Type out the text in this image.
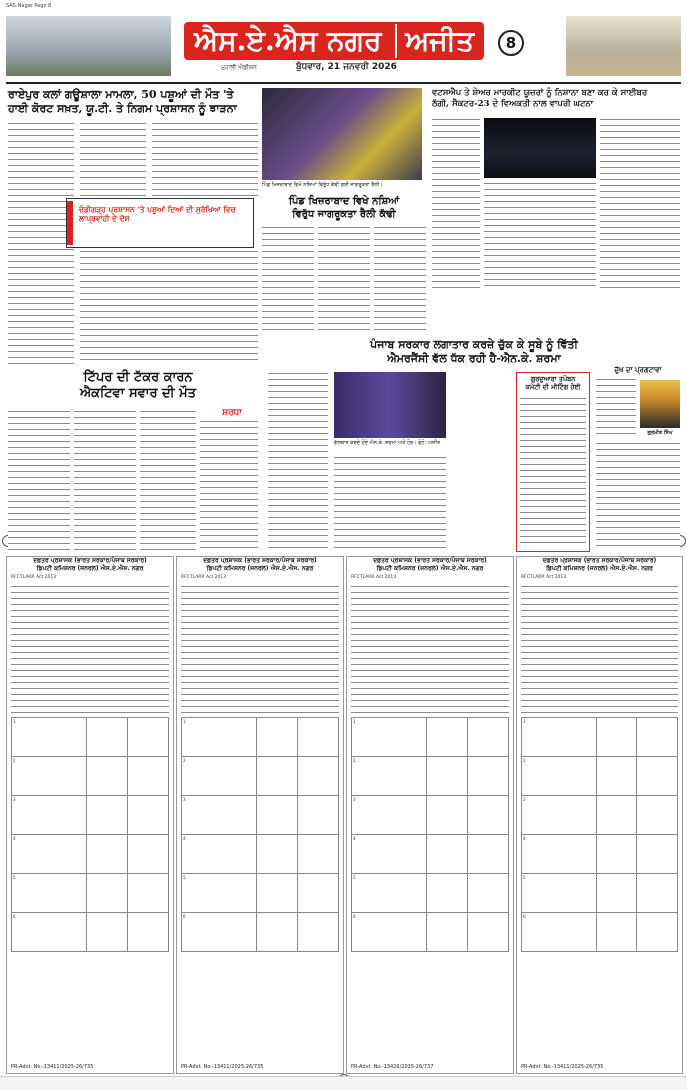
SAS-Nagar Page 8
ਐਸ.ਏ.ਐਸ ਨਗਰ ਅਜੀਤ	8
ਮੁਹਾਲੀ ਐਡੀਸ਼ਨ	ਬੁੱਧਵਾਰ, 21 ਜਨਵਰੀ 2026
ਰਾਏਪੁਰ ਕਲਾਂ ਗਊਸ਼ਾਲਾ ਮਾਮਲਾ, 50 ਪਸ਼ੂਆਂ ਦੀ ਮੌਤ 'ਤੇ
ਹਾਈ ਕੋਰਟ ਸਖ਼ਤ, ਯੂ.ਟੀ. ਤੇ ਨਿਗਮ ਪ੍ਰਸ਼ਾਸਨ ਨੂੰ ਝਾੜਨਾ
ਚੰਡੀਗੜ੍ਹ ਪ੍ਰਸ਼ਾਸਨ 'ਤੇ ਪਸ਼ੂਆਂ ਦਿਆਂ ਦੀ ਸੁਰੱਖਿਆ ਵਿਚ ਲਾਪ੍ਰਵਾਹੀ ਦੇ ਦੋਸ਼
ਪਿੰਡ ਖਿਜ਼ਰਾਬਾਦ ਵਿਖੇ ਨਸ਼ਿਆਂ ਵਿਰੁੱਧ ਕੱਢੀ ਗਈ ਜਾਗਰੂਕਤਾ ਰੈਲੀ।
ਪਿੰਡ ਖਿਜ਼ਰਾਬਾਦ ਵਿਖੇ ਨਸ਼ਿਆਂ
ਵਿਰੁੱਧ ਜਾਗਰੂਕਤਾ ਰੈਲੀ ਕੱਢੀ
ਵਟਸਐਪ ਤੇ ਸ਼ੇਅਰ ਮਾਰਕੀਟ ਯੂਜ਼ਰਾਂ ਨੂੰ ਨਿਸ਼ਾਨਾ ਬਣਾ ਕਰ ਕੇ ਸਾਈਬਰ
ਠੱਗੀ, ਸੈਕਟਰ-23 ਦੇ ਵਿਅਕਤੀ ਨਾਲ ਵਾਪਰੀ ਘਟਨਾ
ਟਿੱਪਰ ਦੀ ਟੱਕਰ ਕਾਰਨ
ਐਕਟਿਵਾ ਸਵਾਰ ਦੀ ਮੌਤ
ਸ਼ਰਧਾ
ਪੰਜਾਬ ਸਰਕਾਰ ਲਗਾਤਾਰ ਕਰਜ਼ੇ ਚੁੱਕ ਕੇ ਸੂਬੇ ਨੂੰ ਵਿੱਤੀ
ਐਮਰਜੈਂਸੀ ਵੱਲ ਧੱਕ ਰਹੀ ਹੈ-ਐਨ.ਕੇ. ਸ਼ਰਮਾ
ਗੱਲਬਾਤ ਕਰਦੇ ਹੋਏ ਐਨ.ਕੇ. ਸ਼ਰਮਾ ਅਤੇ ਹੋਰ। ਫੋਟੋ: ਅਜੀਤ
ਗੁਰਦੁਆਰਾ ਤਪੋਬਨ
ਕਮੇਟੀ ਦੀ ਮੀਟਿੰਗ ਹੋਈ
ਦੁੱਖ ਦਾ ਪ੍ਰਗਟਾਵਾ
ਗੁਰਮੀਤ ਸਿੰਘ
ਦਫ਼ਤਰ ਪ੍ਰਸ਼ਾਸਕ (ਭਾਰਤ ਸਰਕਾਰ/ਪੰਜਾਬ ਸਰਕਾਰ)
ਡਿਪਟੀ ਕਮਿਸ਼ਨਰ (ਜਨਰਲ) ਐਸ.ਏ.ਐਸ. ਨਗਰ
RFCTLARR Act 2013
1		
2		
3		
4		
5		
6		
PR-Advt. No.-13411/2025-26/735
ਦਫ਼ਤਰ ਪ੍ਰਸ਼ਾਸਕ (ਭਾਰਤ ਸਰਕਾਰ/ਪੰਜਾਬ ਸਰਕਾਰ)
ਡਿਪਟੀ ਕਮਿਸ਼ਨਰ (ਜਨਰਲ) ਐਸ.ਏ.ਐਸ. ਨਗਰ
RFCTLARR Act 2013
1		
2		
3		
4		
5		
6		
PR-Advt. No.-13411/2025-26/735
ਦਫ਼ਤਰ ਪ੍ਰਸ਼ਾਸਕ (ਭਾਰਤ ਸਰਕਾਰ/ਪੰਜਾਬ ਸਰਕਾਰ)
ਡਿਪਟੀ ਕਮਿਸ਼ਨਰ (ਜਨਰਲ) ਐਸ.ਏ.ਐਸ. ਨਗਰ
RFCTLARR Act 2013
1		
2		
3		
4		
5		
6		
PR-Advt. No.-13426/2025-26/737
ਦਫ਼ਤਰ ਪ੍ਰਸ਼ਾਸਕ (ਭਾਰਤ ਸਰਕਾਰ/ਪੰਜਾਬ ਸਰਕਾਰ)
ਡਿਪਟੀ ਕਮਿਸ਼ਨਰ (ਜਨਰਲ) ਐਸ.ਏ.ਐਸ. ਨਗਰ
RFCTLARR Act 2013
1		
2		
3		
4		
5		
6		
PR-Advt. No.-13411/2025-26/735
